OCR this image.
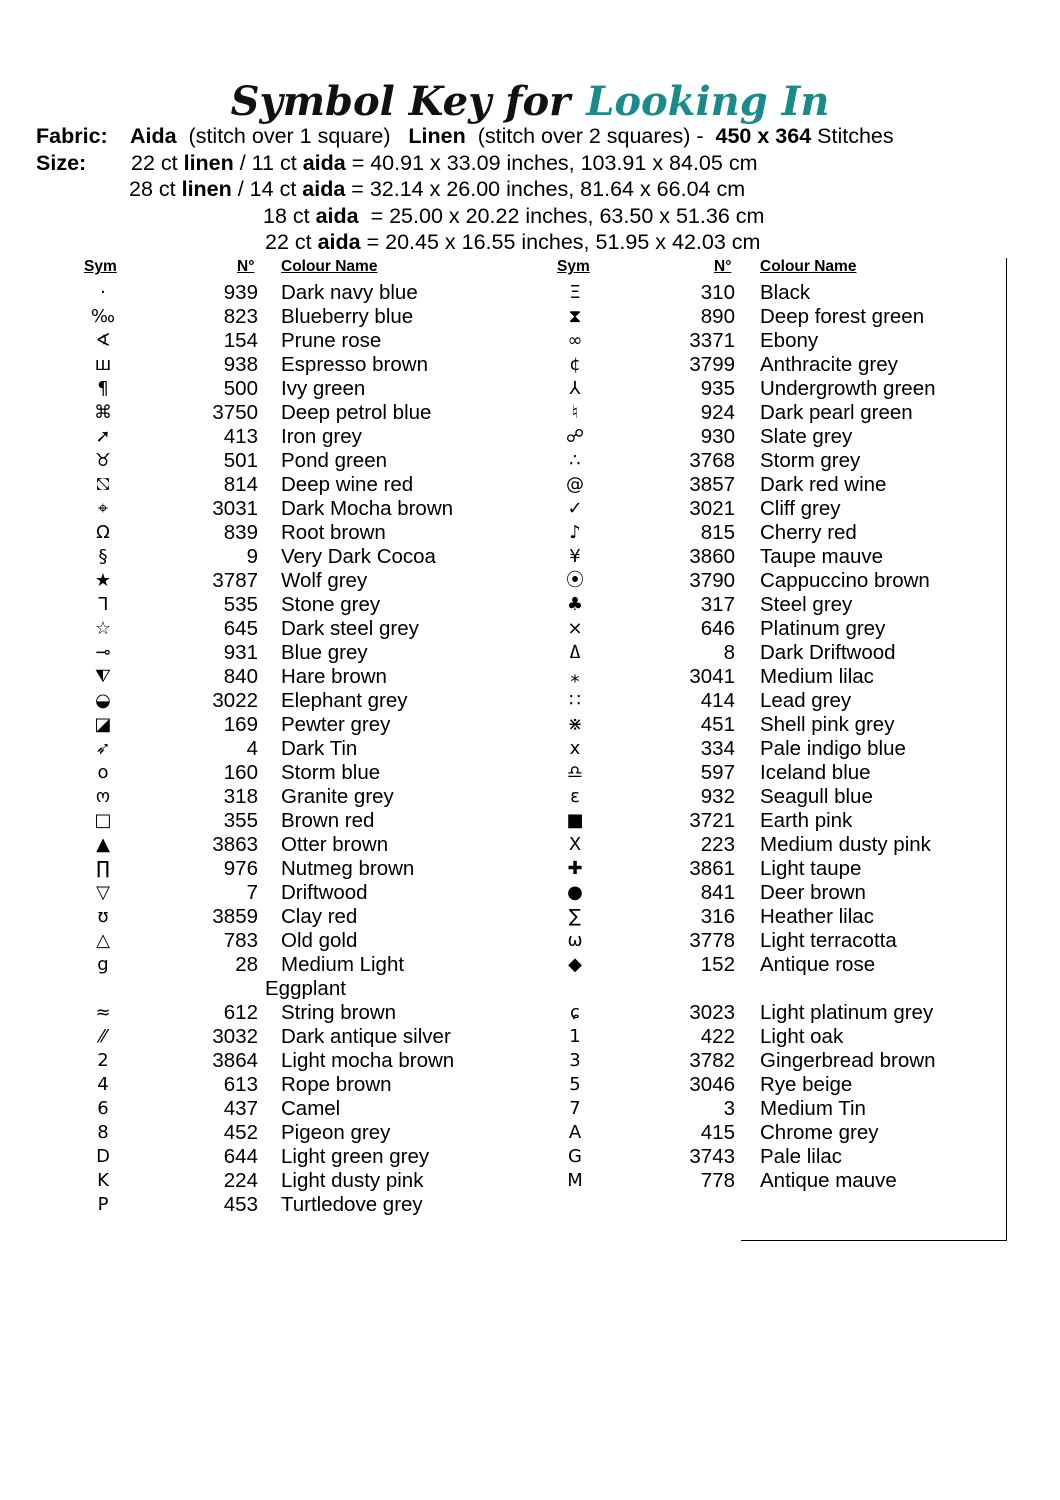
Symbol Key for Looking In
Fabric: Aida (stitch over 1 square) Linen (stitch over 2 squares) - 450 x 364 Stitches
Size: 22 ct linen / 11 ct aida = 40.91 x 33.09 inches, 103.91 x 84.05 cm
28 ct linen / 14 ct aida = 32.14 x 26.00 inches, 81.64 x 66.04 cm
18 ct aida  = 25.00 x 20.22 inches, 63.50 x 51.36 cm
22 ct aida = 20.45 x 16.55 inches, 51.95 x 42.03 cm
Sym	N° Colour Name
·	939 Dark navy blue
‰	823 Blueberry blue
∢	154 Prune rose
ш	938 Espresso brown
¶	500 Ivy green
⌘	3750 Deep petrol blue
➚	413 Iron grey
♉	501 Pond green
⛞	814 Deep wine red
⌖	3031 Dark Mocha brown
Ω	839 Root brown
§	9 Very Dark Cocoa
★	3787 Wolf grey
ᒣ	535 Stone grey
☆	645 Dark steel grey
⊸	931 Blue grey
⧨	840 Hare brown
◒	3022 Elephant grey
◪	169 Pewter grey
➶	4 Dark Tin
o	160 Storm blue
ო	318 Granite grey
□	355 Brown red
▲	3863 Otter brown
∏	976 Nutmeg brown
▽	7 Driftwood
ʊ	3859 Clay red
△	783 Old gold
g	28 Medium Light
Eggplant
≈	612 String brown
⁄⁄	3032 Dark antique silver
2	3864 Light mocha brown
4	613 Rope brown
6	437 Camel
8	452 Pigeon grey
D	644 Light green grey
K	224 Light dusty pink
P	453 Turtledove grey
Sym	N° Colour Name
Ξ	310 Black
⧗	890 Deep forest green
∞	3371 Ebony
¢	3799 Anthracite grey
⅄	935 Undergrowth green
♮	924 Dark pearl green
☍	930 Slate grey
∴	3768 Storm grey
@	3857 Dark red wine
✓	3021 Cliff grey
♪	815 Cherry red
¥	3860 Taupe mauve
⦿	3790 Cappuccino brown
♣	317 Steel grey
⨯	646 Platinum grey
ߡ	8 Dark Driftwood
⁎	3041 Medium lilac
∷	414 Lead grey
⋇	451 Shell pink grey
x	334 Pale indigo blue
♎	597 Iceland blue
ɛ	932 Seagull blue
■	3721 Earth pink
X	223 Medium dusty pink
✚	3861 Light taupe
●	841 Deer brown
∑	316 Heather lilac
ω	3778 Light terracotta
◆	152 Antique rose
ɕ	3023 Light platinum grey
1	422 Light oak
3	3782 Gingerbread brown
5	3046 Rye beige
7	3 Medium Tin
A	415 Chrome grey
G	3743 Pale lilac
M	778 Antique mauve
